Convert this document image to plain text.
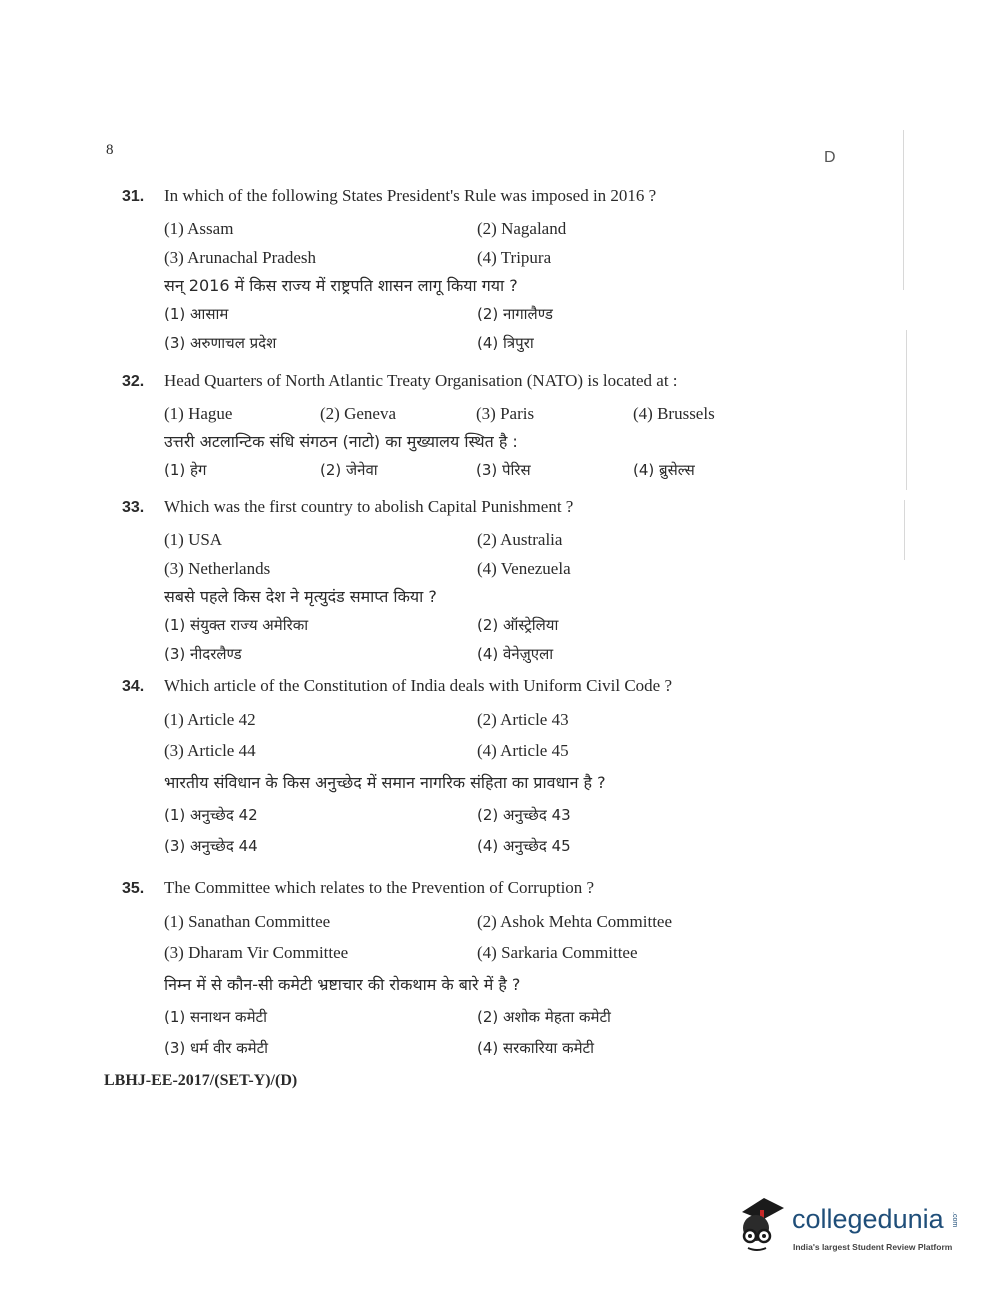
8	D
31.	In which of the following States President's Rule was imposed in 2016 ?
(1) Assam	(2) Nagaland
(3) Arunachal Pradesh	(4) Tripura
सन् 2016 में किस राज्य में राष्ट्रपति शासन लागू किया गया ?
(1) आसाम	(2) नागालैण्ड
(3) अरुणाचल प्रदेश	(4) त्रिपुरा
32.	Head Quarters of North Atlantic Treaty Organisation (NATO) is located at :
(1) Hague	(2) Geneva	(3) Paris	(4) Brussels
उत्तरी अटलान्टिक संधि संगठन (नाटो) का मुख्यालय स्थित है :
(1) हेग	(2) जेनेवा	(3) पेरिस	(4) ब्रुसेल्स
33.	Which was the first country to abolish Capital Punishment ?
(1) USA	(2) Australia
(3) Netherlands	(4) Venezuela
सबसे पहले किस देश ने मृत्युदंड समाप्त किया ?
(1) संयुक्त राज्य अमेरिका	(2) ऑस्ट्रेलिया
(3) नीदरलैण्ड	(4) वेनेज़ुएला
34.	Which article of the Constitution of India deals with Uniform Civil Code ?
(1) Article 42	(2) Article 43
(3) Article 44	(4) Article 45
भारतीय संविधान के किस अनुच्छेद में समान नागरिक संहिता का प्रावधान है ?
(1) अनुच्छेद 42	(2) अनुच्छेद 43
(3) अनुच्छेद 44	(4) अनुच्छेद 45
35.	The Committee which relates to the Prevention of Corruption ?
(1) Sanathan Committee	(2) Ashok Mehta Committee
(3) Dharam Vir Committee	(4) Sarkaria Committee
निम्न में से कौन-सी कमेटी भ्रष्टाचार की रोकथाम के बारे में है ?
(1) सनाथन कमेटी	(2) अशोक मेहता कमेटी
(3) धर्म वीर कमेटी	(4) सरकारिया कमेटी
LBHJ-EE-2017/(SET-Y)/(D)
collegedunia .com
India's largest Student Review Platform
